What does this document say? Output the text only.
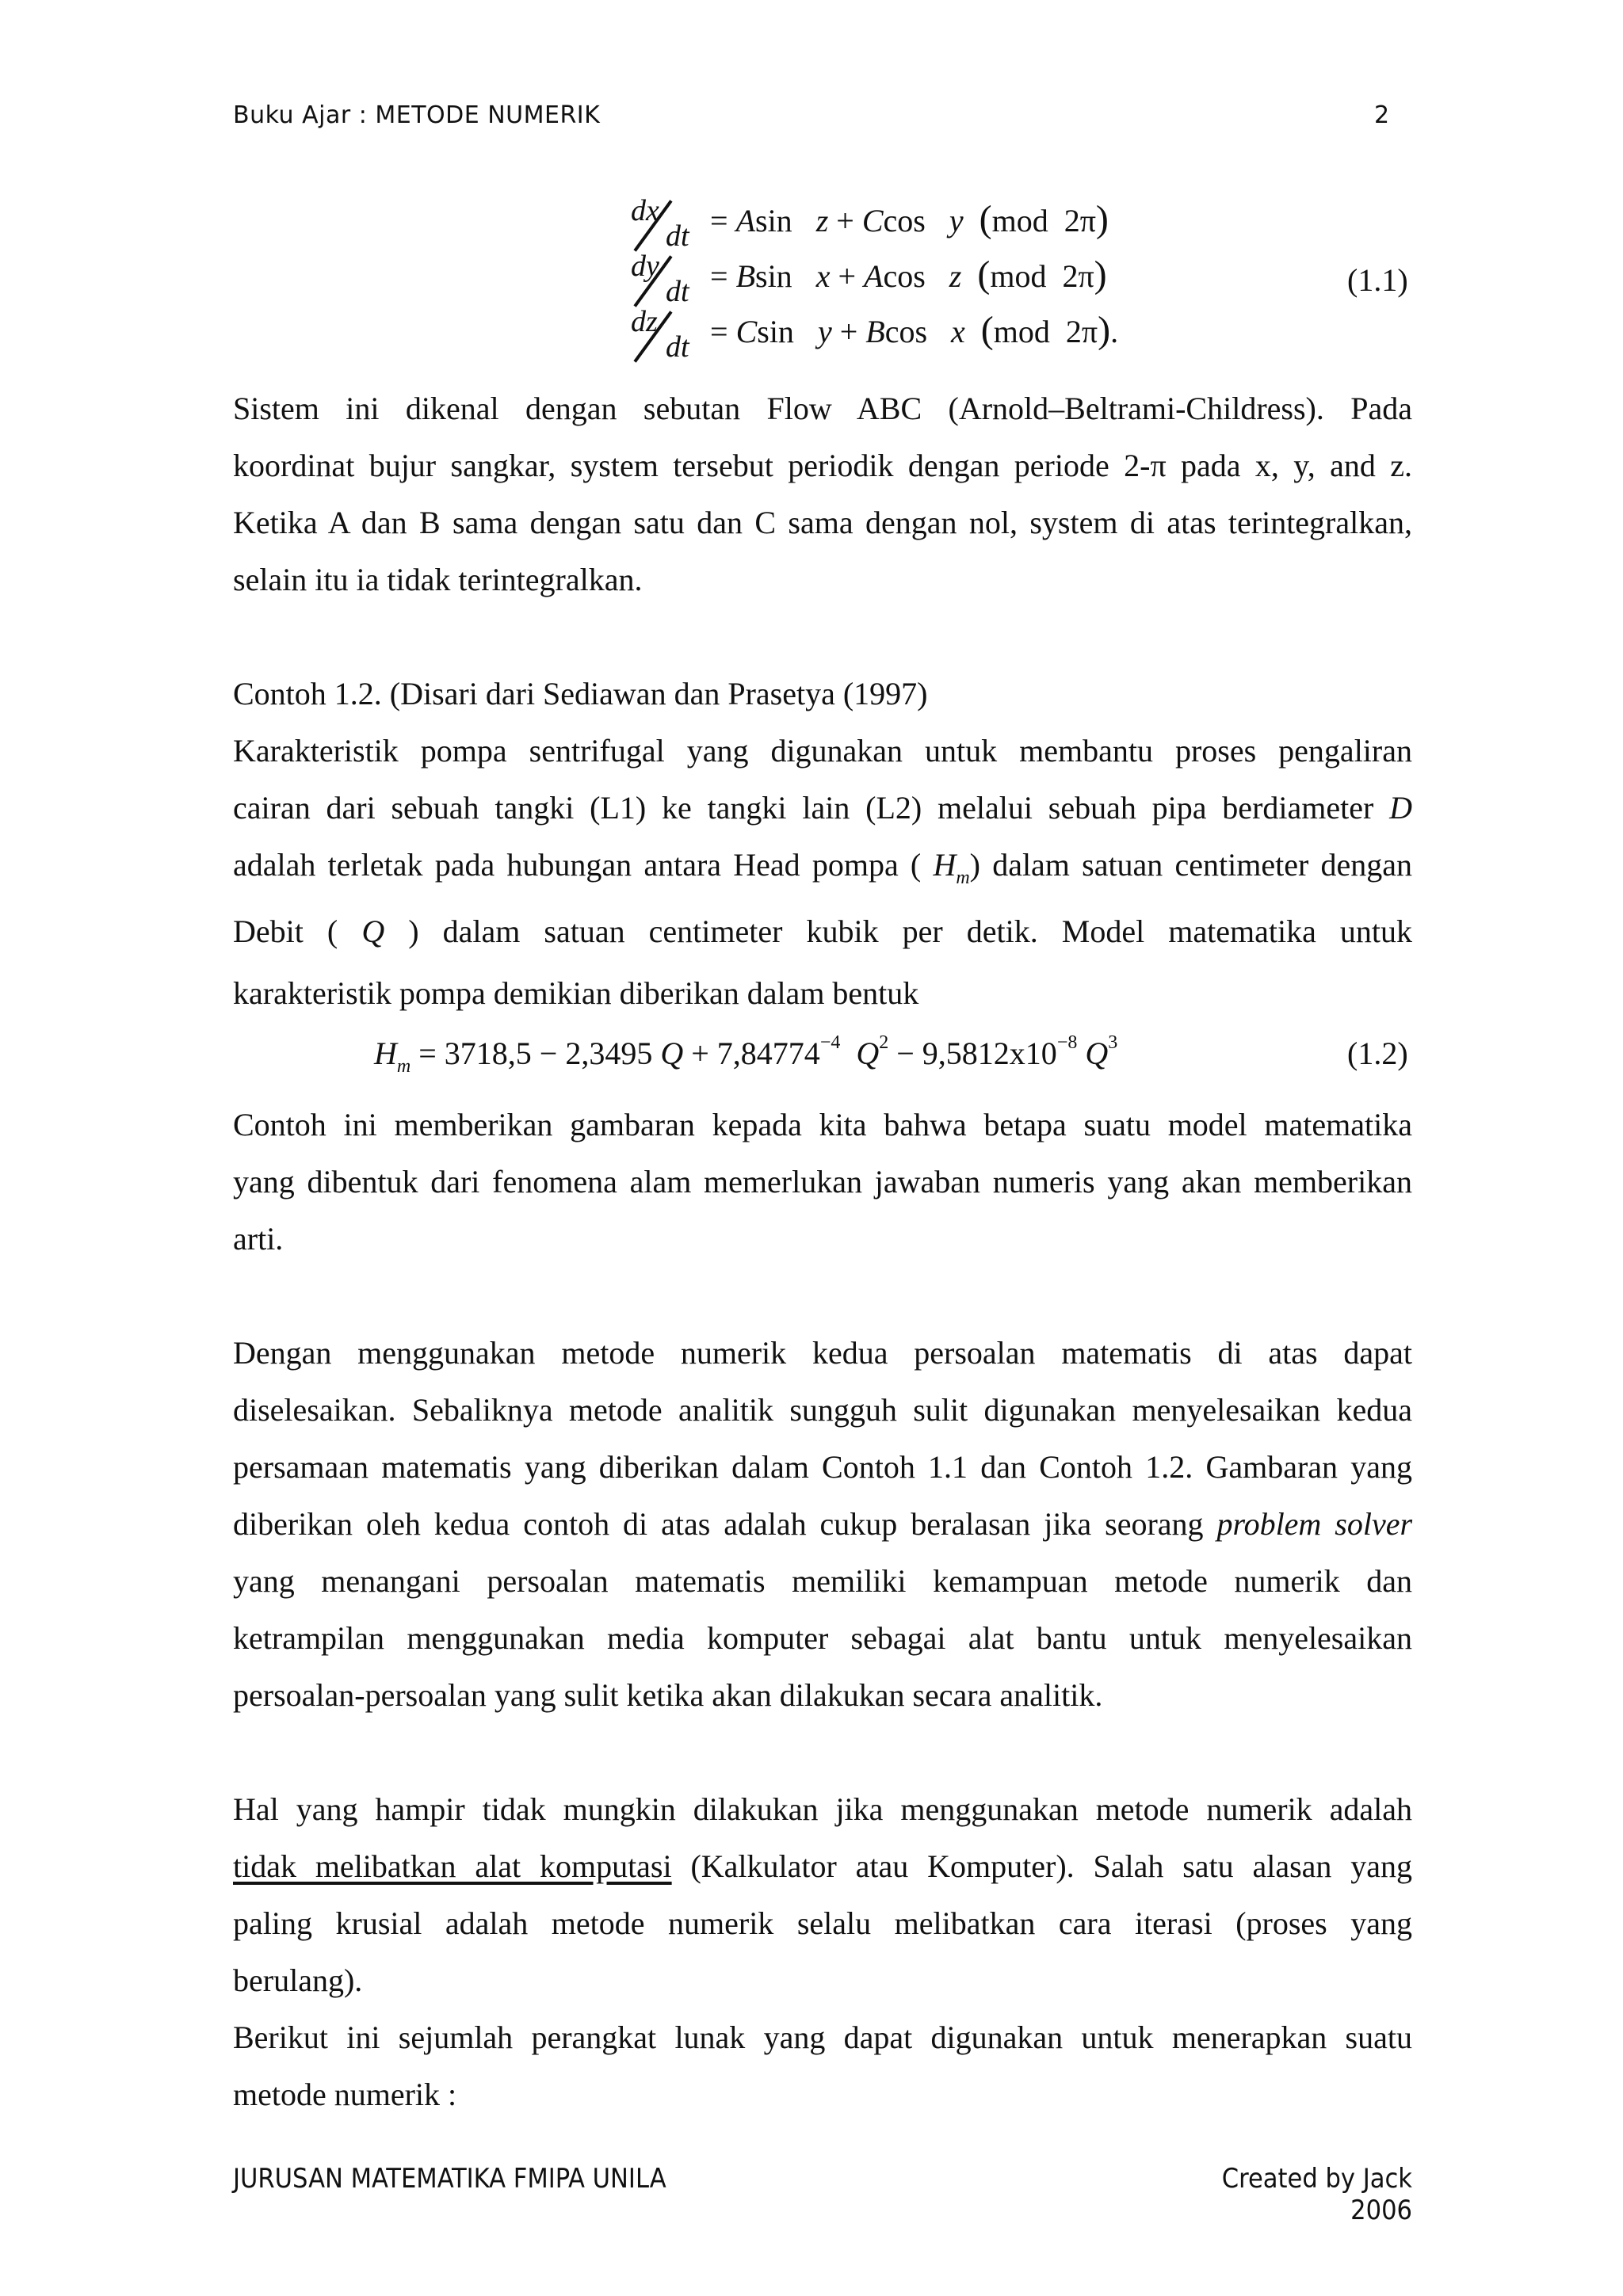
Buku Ajar : METODE NUMERIK	2
dx
dt = Asin   z + Ccos   y (mod 2π)
dy
dt = Bsin   x + Acos   z (mod 2π)
dz
dt = Csin   y + Bcos   x (mod 2π).
(1.1)
Sistem ini dikenal dengan sebutan Flow ABC (Arnold–Beltrami-Childress). Pada
koordinat bujur sangkar, system tersebut periodik dengan periode 2-π pada x, y, and z.
Ketika A dan B sama dengan satu dan C sama dengan nol, system di atas terintegralkan,
selain itu ia tidak terintegralkan.
Contoh 1.2. (Disari dari Sediawan dan Prasetya (1997)
Karakteristik pompa sentrifugal yang digunakan untuk membantu proses pengaliran
cairan dari sebuah tangki (L1) ke tangki lain (L2) melalui sebuah pipa berdiameter D
adalah terletak pada hubungan antara Head pompa ( $H_m$) dalam satuan centimeter dengan
Debit ( Q ) dalam satuan centimeter kubik per detik. Model matematika untuk
karakteristik pompa demikian diberikan dalam bentuk
$H_m = 3718,5 - 2,3495$ $Q + 7,84774^{-4}$ $Q^2 - 9,5812x10^{-8}$ $Q^3$	(1.2)
Contoh ini memberikan gambaran kepada kita bahwa betapa suatu model matematika
yang dibentuk dari fenomena alam memerlukan jawaban numeris yang akan memberikan
arti.
Dengan menggunakan metode numerik kedua persoalan matematis di atas dapat
diselesaikan. Sebaliknya metode analitik sungguh sulit digunakan menyelesaikan kedua
persamaan matematis yang diberikan dalam Contoh 1.1 dan Contoh 1.2. Gambaran yang
diberikan oleh kedua contoh di atas adalah cukup beralasan jika seorang problem solver
yang menangani persoalan matematis memiliki kemampuan metode numerik dan
ketrampilan menggunakan media komputer sebagai alat bantu untuk menyelesaikan
persoalan-persoalan yang sulit ketika akan dilakukan secara analitik.
Hal yang hampir tidak mungkin dilakukan jika menggunakan metode numerik adalah
tidak melibatkan alat komputasi (Kalkulator atau Komputer). Salah satu alasan yang
paling krusial adalah metode numerik selalu melibatkan cara iterasi (proses yang
berulang).
Berikut ini sejumlah perangkat lunak yang dapat digunakan untuk menerapkan suatu
metode numerik :
JURUSAN MATEMATIKA FMIPA UNILA	Created by Jack 2006
